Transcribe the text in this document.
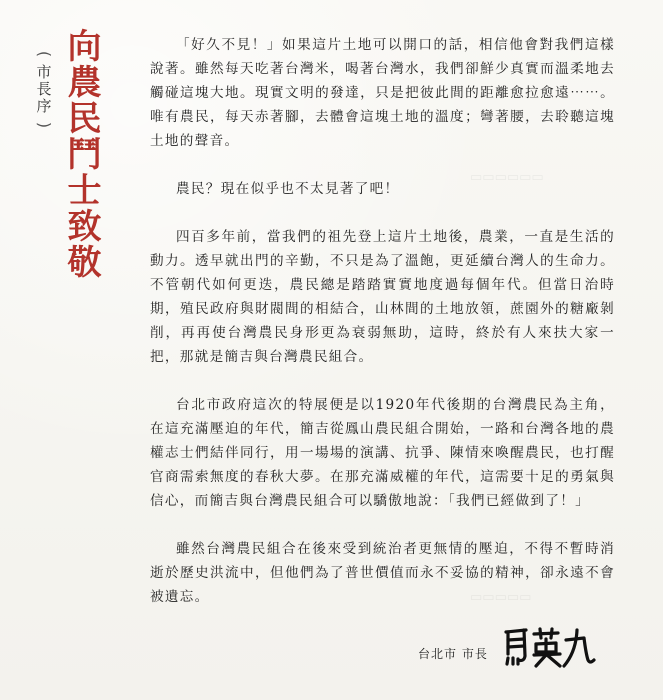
▭▭▭▭▭▭
▭▭▭▭▭
(
市長序
) 向農民鬥士致敬	「好久不見！」如果這片土地可以開口的話，相信他會對我們這樣說著。雖然每天吃著台灣米，喝著台灣水，我們卻鮮少真實而溫柔地去觸碰這塊大地。現實文明的發達，只是把彼此間的距離愈拉愈遠⋯⋯。唯有農民，每天赤著腳，去體會這塊土地的溫度；彎著腰，去聆聽這塊土地的聲音。

農民？現在似乎也不太見著了吧！

四百多年前，當我們的祖先登上這片土地後，農業，一直是生活的動力。透早就出門的辛勤，不只是為了溫飽，更延續台灣人的生命力。不管朝代如何更迭，農民總是踏踏實實地度過每個年代。但當日治時期，殖民政府與財閥間的相結合，山林間的土地放領，蔗園外的糖廠剝削，再再使台灣農民身形更為衰弱無助，這時，終於有人來扶大家一把，那就是簡吉與台灣農民組合。

台北市政府這次的特展便是以1920年代後期的台灣農民為主角，在這充滿壓迫的年代，簡吉從鳳山農民組合開始，一路和台灣各地的農權志士們結伴同行，用一場場的演講、抗爭、陳情來喚醒農民，也打醒官商需索無度的春秋大夢。在那充滿威權的年代，這需要十足的勇氣與信心，而簡吉與台灣農民組合可以驕傲地說：「我們已經做到了！」

雖然台灣農民組合在後來受到統治者更無情的壓迫，不得不暫時消逝於歷史洪流中，但他們為了普世價值而永不妥協的精神，卻永遠不會被遺忘。

台北市 市長
